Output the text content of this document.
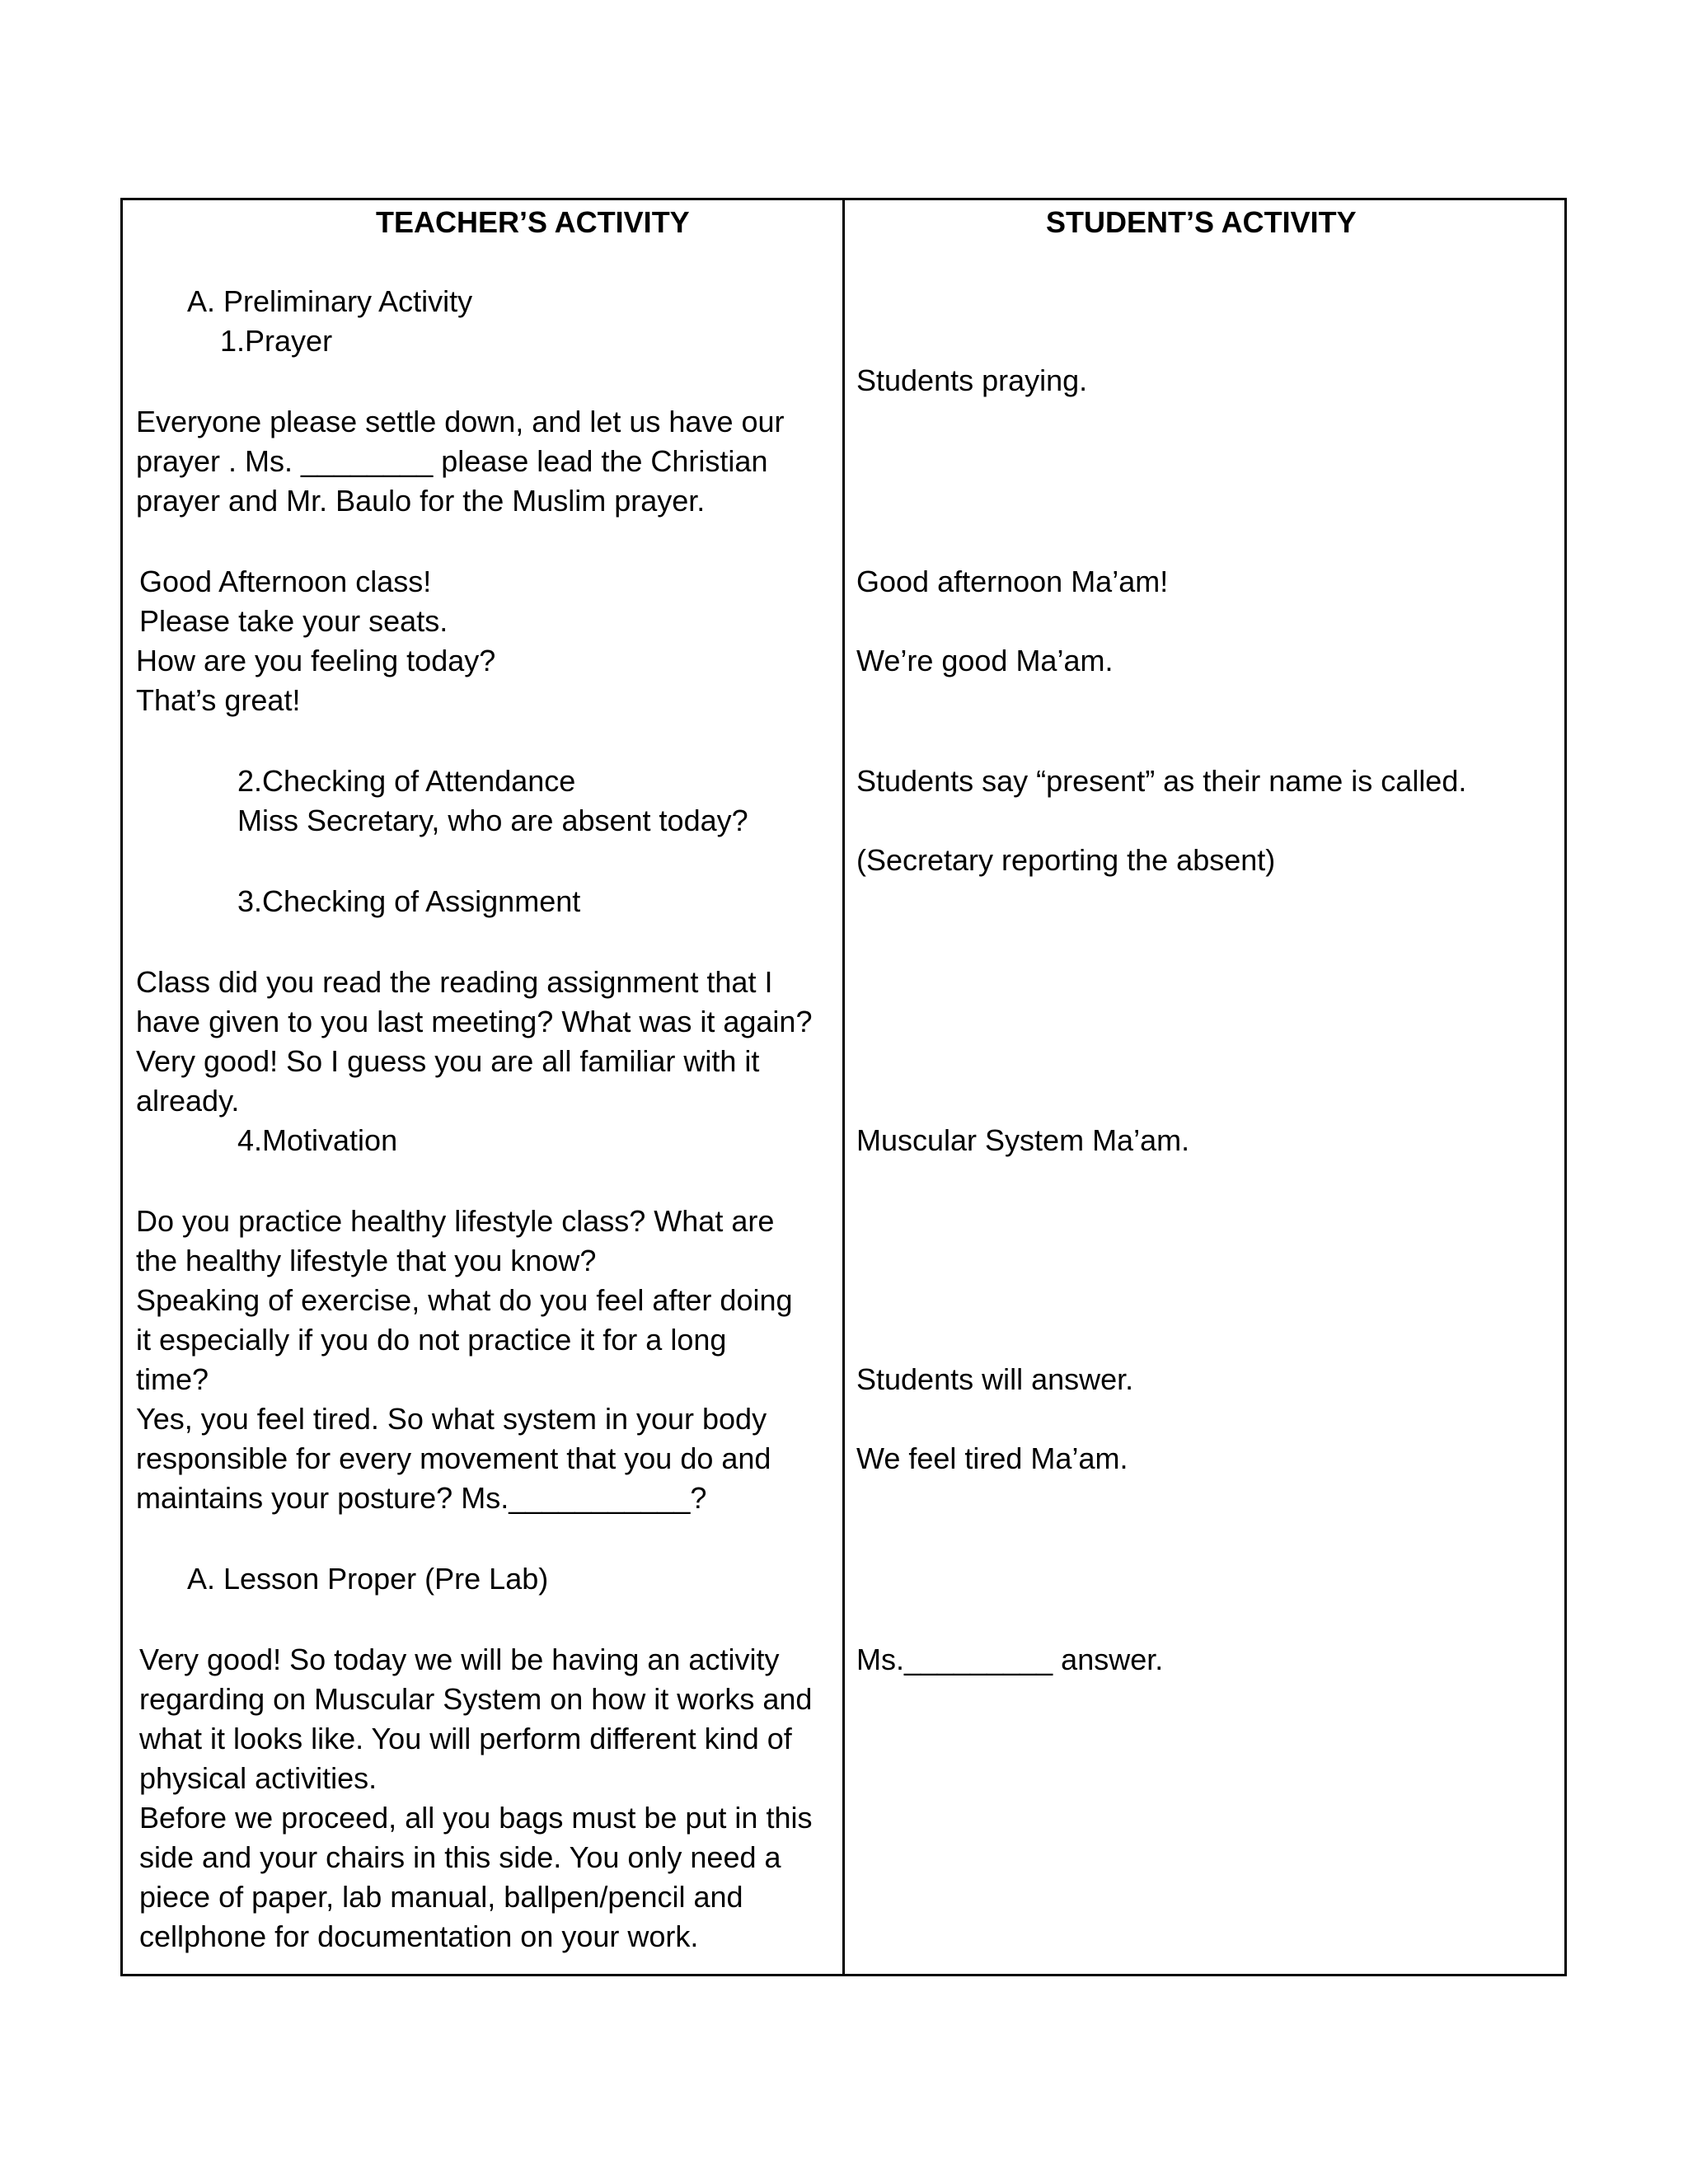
TEACHER’S ACTIVITY
A. Preliminary Activity
1.Prayer
Everyone please settle down, and let us have our
prayer . Ms. ________ please lead the Christian
prayer and Mr. Baulo for the Muslim prayer.
Good Afternoon class!
Please take your seats.
How are you feeling today?
That’s great!
2.Checking of Attendance
Miss Secretary, who are absent today?
3.Checking of Assignment
Class did you read the reading assignment that I
have given to you last meeting? What was it again?
Very good! So I guess you are all familiar with it
already.
4.Motivation
Do you practice healthy lifestyle class? What are
the healthy lifestyle that you know?
Speaking of exercise, what do you feel after doing
it especially if you do not practice it for a long
time?
Yes, you feel tired. So what system in your body
responsible for every movement that you do and
maintains your posture? Ms.___________?
A. Lesson Proper (Pre Lab)
Very good! So today we will be having an activity
regarding on Muscular System on how it works and
what it looks like. You will perform different kind of
physical activities.
Before we proceed, all you bags must be put in this
side and your chairs in this side. You only need a
piece of paper, lab manual, ballpen/pencil and
cellphone for documentation on your work.
STUDENT’S ACTIVITY
Students praying.
Good afternoon Ma’am!
We’re good Ma’am.
Students say “present” as their name is called.
(Secretary reporting the absent)
Muscular System Ma’am.
Students will answer.
We feel tired Ma’am.
Ms._________ answer.
